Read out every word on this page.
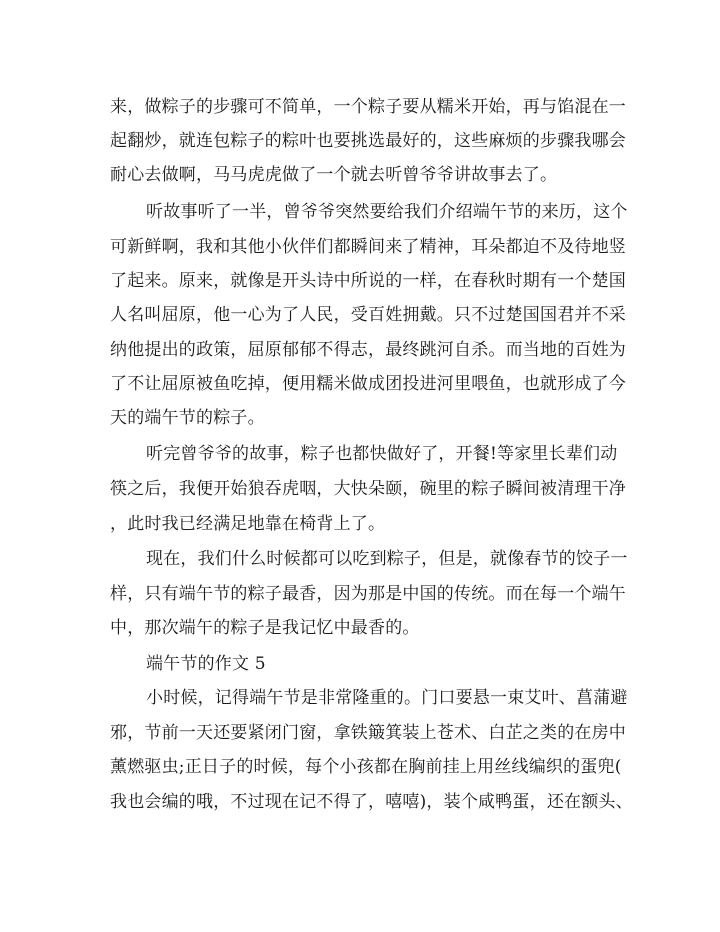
来，做粽子的步骤可不简单，一个粽子要从糯米开始，再与馅混在一
起翻炒，就连包粽子的粽叶也要挑选最好的，这些麻烦的步骤我哪会
耐心去做啊，马马虎虎做了一个就去听曾爷爷讲故事去了。
听故事听了一半，曾爷爷突然要给我们介绍端午节的来历，这个
可新鲜啊，我和其他小伙伴们都瞬间来了精神，耳朵都迫不及待地竖
了起来。原来，就像是开头诗中所说的一样，在春秋时期有一个楚国
人名叫屈原，他一心为了人民，受百姓拥戴。只不过楚国国君并不采
纳他提出的政策，屈原郁郁不得志，最终跳河自杀。而当地的百姓为
了不让屈原被鱼吃掉，便用糯米做成团投进河里喂鱼，也就形成了今
天的端午节的粽子。
听完曾爷爷的故事，粽子也都快做好了，开餐!等家里长辈们动
筷之后，我便开始狼吞虎咽，大快朵颐，碗里的粽子瞬间被清理干净
，此时我已经满足地靠在椅背上了。
现在，我们什么时候都可以吃到粽子，但是，就像春节的饺子一
样，只有端午节的粽子最香，因为那是中国的传统。而在每一个端午
中，那次端午的粽子是我记忆中最香的。
端午节的作文 5
小时候，记得端午节是非常隆重的。门口要悬一束艾叶、菖蒲避
邪，节前一天还要紧闭门窗，拿铁簸箕装上苍术、白芷之类的在房中
薰燃驱虫;正日子的时候，每个小孩都在胸前挂上用丝线编织的蛋兜(
我也会编的哦，不过现在记不得了，嘻嘻)，装个咸鸭蛋，还在额头、
